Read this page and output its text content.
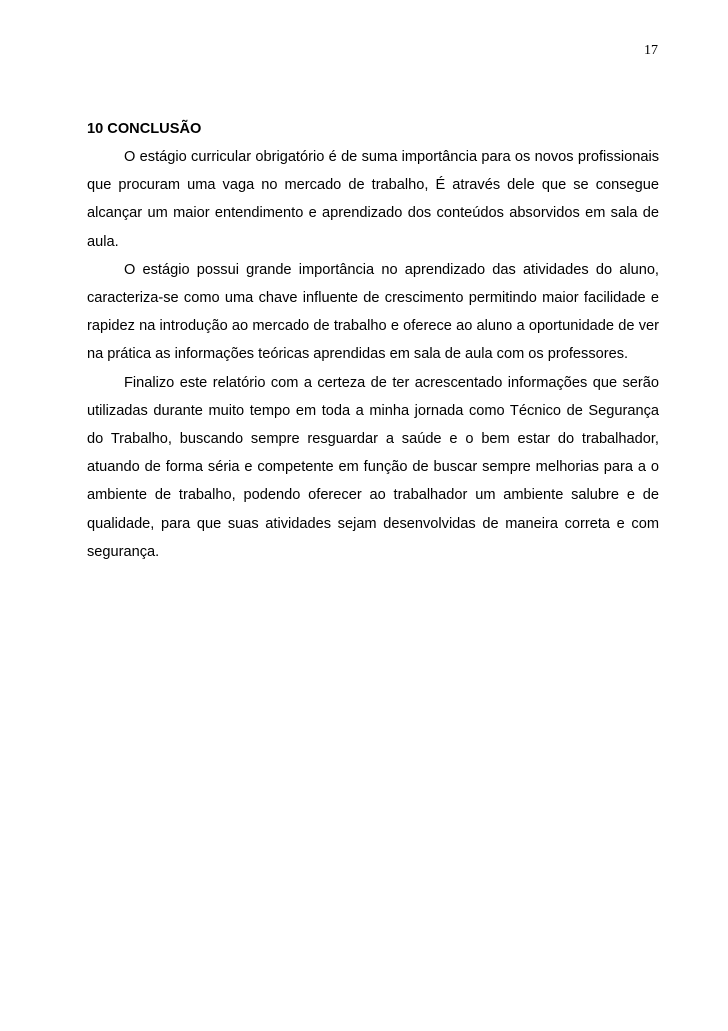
17
10 CONCLUSÃO

O estágio curricular obrigatório é de suma importância para os novos profissionais que procuram uma vaga no mercado de trabalho, É através dele que se consegue alcançar um maior entendimento e aprendizado dos conteúdos absorvidos em sala de aula.

O estágio possui grande importância no aprendizado das atividades do aluno, caracteriza-se como uma chave influente de crescimento permitindo maior facilidade e rapidez na introdução ao mercado de trabalho e oferece ao aluno a oportunidade de ver na prática as informações teóricas aprendidas em sala de aula com os professores.

Finalizo este relatório com a certeza de ter acrescentado informações que serão utilizadas durante muito tempo em toda a minha jornada como Técnico de Segurança do Trabalho, buscando sempre resguardar a saúde e o bem estar do trabalhador, atuando de forma séria e competente em função de buscar sempre melhorias para a o ambiente de trabalho, podendo oferecer ao trabalhador um ambiente salubre e de qualidade, para que suas atividades sejam desenvolvidas de maneira correta e com segurança.
